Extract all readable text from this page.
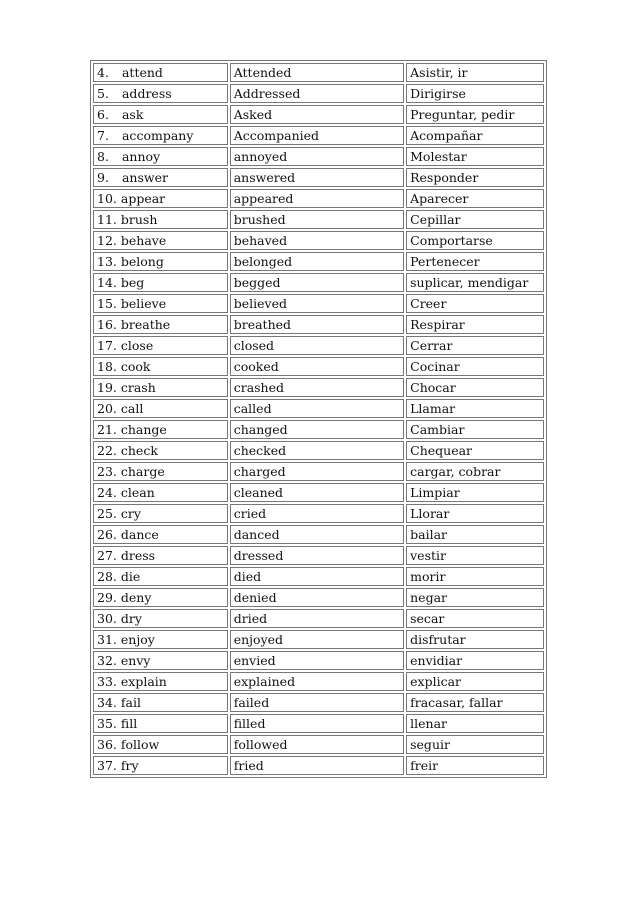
4. attend	Attended	Asistir, ir
5. address	Addressed	Dirigirse
6. ask	Asked	Preguntar, pedir
7. accompany	Accompanied	Acompañar
8. annoy	annoyed	Molestar
9. answer	answered	Responder
10. appear	appeared	Aparecer
11. brush	brushed	Cepillar
12. behave	behaved	Comportarse
13. belong	belonged	Pertenecer
14. beg	begged	suplicar, mendigar
15. believe	believed	Creer
16. breathe	breathed	Respirar
17. close	closed	Cerrar
18. cook	cooked	Cocinar
19. crash	crashed	Chocar
20. call	called	Llamar
21. change	changed	Cambiar
22. check	checked	Chequear
23. charge	charged	cargar, cobrar
24. clean	cleaned	Limpiar
25. cry	cried	Llorar
26. dance	danced	bailar
27. dress	dressed	vestir
28. die	died	morir
29. deny	denied	negar
30. dry	dried	secar
31. enjoy	enjoyed	disfrutar
32. envy	envied	envidiar
33. explain	explained	explicar
34. fail	failed	fracasar, fallar
35. fill	filled	llenar
36. follow	followed	seguir
37. fry	fried	freir
